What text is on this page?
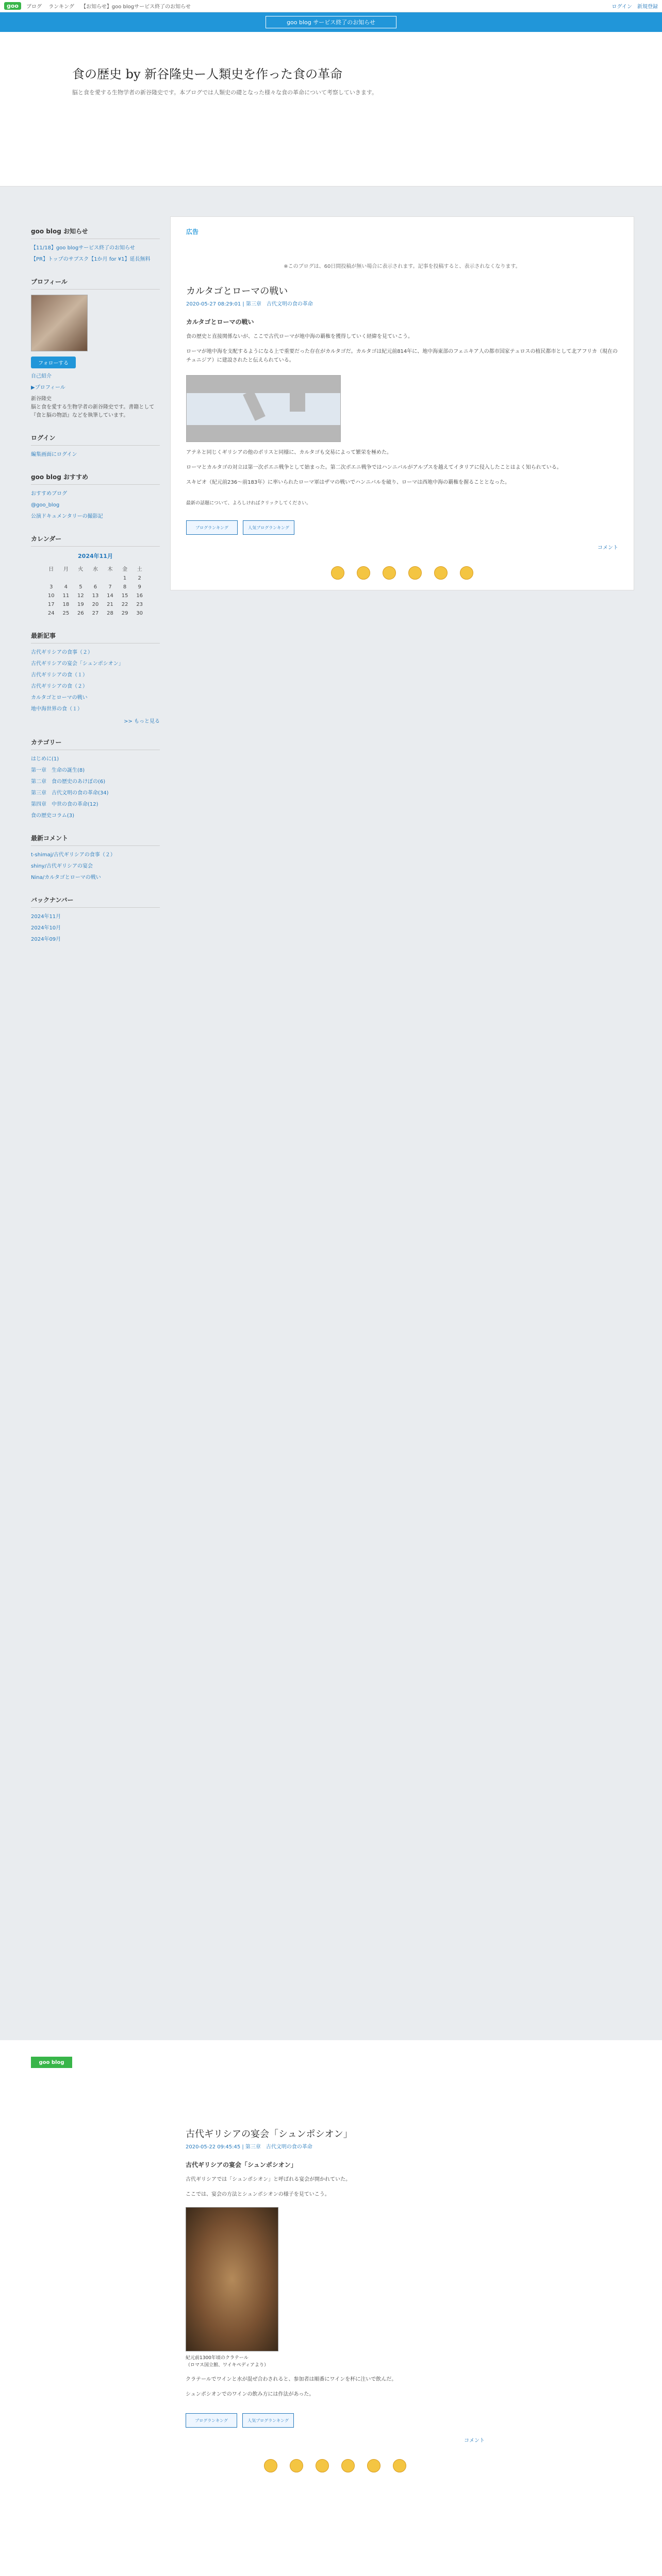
goo	ブログ ランキング 【お知らせ】goo blogサービス終了のお知らせ	ログイン 新規登録
goo blog サービス終了のお知らせ
食の歴史 by 新谷隆史ー人類史を作った食の革命

脳と食を愛する生物学者の新谷隆史です。本ブログでは人類史の礎となった様々な食の革命について考察していきます。

goo blog お知らせ
【11/18】goo blogサービス終了のお知らせ
【PR】トップのサブスク【1か月 for ¥1】延長無料
プロフィール
フォローする
自己紹介
▶プロフィール
新谷隆史
脳と食を愛する生物学者の新谷隆史です。書籍として『食と脳の物語』などを執筆しています。
ログイン
編集画面にログイン
goo blog おすすめ
おすすめブログ
@goo_blog
公演ドキュメンタリーの撮影記
カレンダー
2024年11月
日	月	火	水	木	金	土
					1	2
3	4	5	6	7	8	9
10	11	12	13	14	15	16
17	18	19	20	21	22	23
24	25	26	27	28	29	30
最新記事
古代ギリシアの食事（２）
古代ギリシアの宴会「シュンポシオン」
古代ギリシアの食（１）
古代ギリシアの食（２）
カルタゴとローマの戦い
地中海世界の食（１）
>> もっと見る
カテゴリー
はじめに(1)
第一章　生命の誕生(8)
第二章　食の歴史のあけぼの(6)
第三章　古代文明の食の革命(34)
第四章　中世の食の革命(12)
食の歴史コラム(3)
最新コメント
t-shimaj/古代ギリシアの食事（２）
shiny/古代ギリシアの宴会
Nina/カルタゴとローマの戦い
バックナンバー
2024年11月
2024年10月
2024年09月
広告
※このブログは、60日間投稿が無い場合に表示されます。記事を投稿すると、表示されなくなります。
カルタゴとローマの戦い
2020-05-27 08:29:01 | 第三章　古代文明の食の革命
カルタゴとローマの戦い

食の歴史と直接関係ないが、ここで古代ローマが地中海の覇権を獲得していく経緯を見ていこう。

ローマが地中海を支配するようになる上で重要だった存在がカルタゴだ。カルタゴは紀元前814年に、地中海東部のフェニキア人の都市国家テュロスの植民都市として北アフリカ（現在のチュニジア）に建設されたと伝えられている。

アテネと同じくギリシアの他のポリスと同様に、カルタゴも交易によって繁栄を極めた。

ローマとカルタゴの対立は第一次ポエニ戦争として始まった。第二次ポエニ戦争ではハンニバルがアルプスを越えてイタリアに侵入したことはよく知られている。

スキピオ（紀元前236〜前183年）に率いられたローマ軍はザマの戦いでハンニバルを破り、ローマは西地中海の覇権を握ることとなった。

最新の話題について、よろしければクリックしてください。
ブログランキング	人気ブログランキング
コメント
goo blog
古代ギリシアの宴会「シュンポシオン」
2020-05-22 09:45:45 | 第三章　古代文明の食の革命
古代ギリシアの宴会「シュンポシオン」

古代ギリシアでは「シュンポシオン」と呼ばれる宴会が開かれていた。

ここでは、宴会の方法とシュンポシオンの様子を見ていこう。

紀元前1300年頃のクラテール
（ロマス国立館、ワイキペディアより）

クラテールでワインと水が混ぜ合わされると、参加者は順番にワインを杯に注いで飲んだ。

シュンポシオンでのワインの飲み方には作法があった。

ブログランキング	人気ブログランキング
コメント
